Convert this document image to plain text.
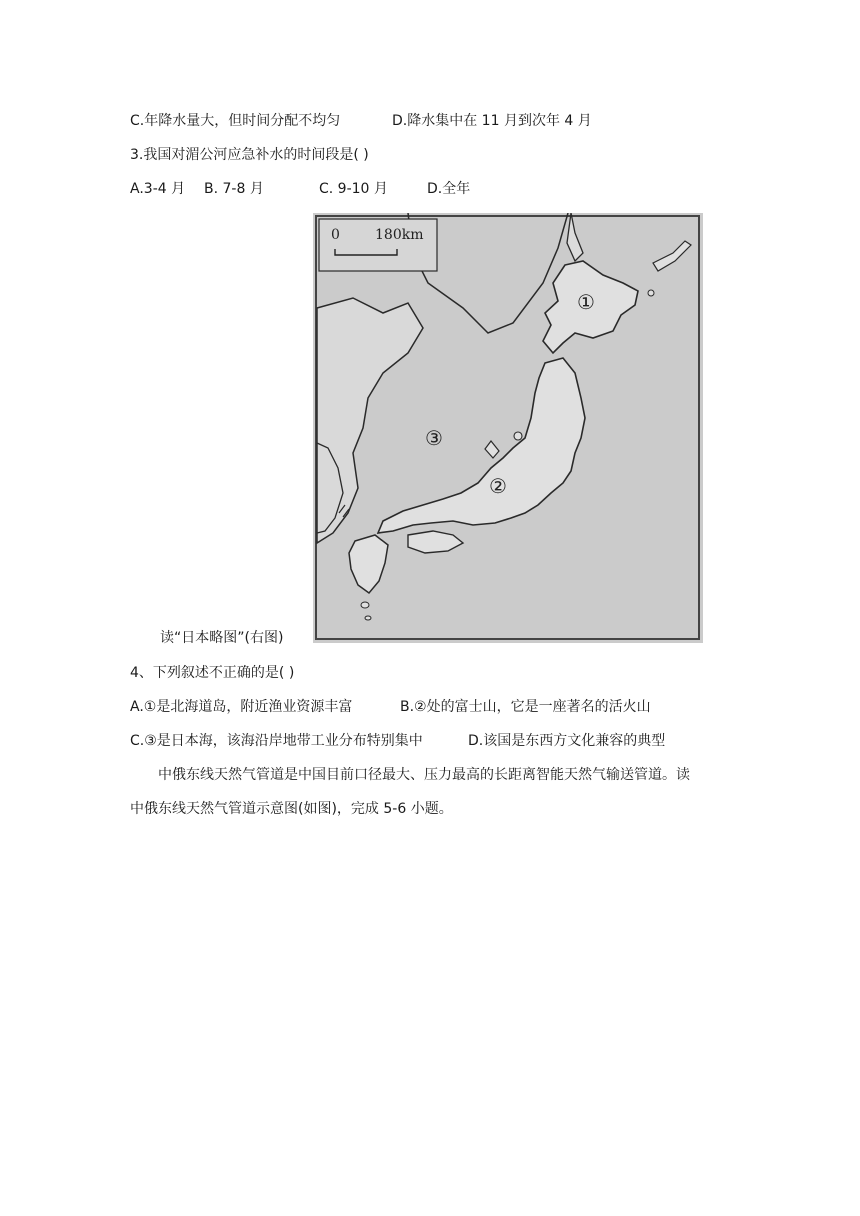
C.年降水量大，但时间分配不均匀	D.降水集中在 11 月到次年 4 月
3.我国对湄公河应急补水的时间段是( )
A.3-4 月 B. 7-8 月	C. 9-10 月	D.全年
0	180km
①
②
③
读“日本略图”(右图)
4、下列叙述不正确的是( )
A.①是北海道岛，附近渔业资源丰富	B.②处的富士山，它是一座著名的活火山
C.③是日本海，该海沿岸地带工业分布特别集中	D.该国是东西方文化兼容的典型
中俄东线天然气管道是中国目前口径最大、压力最高的长距离智能天然气输送管道。读
中俄东线天然气管道示意图(如图)，完成 5-6 小题。
